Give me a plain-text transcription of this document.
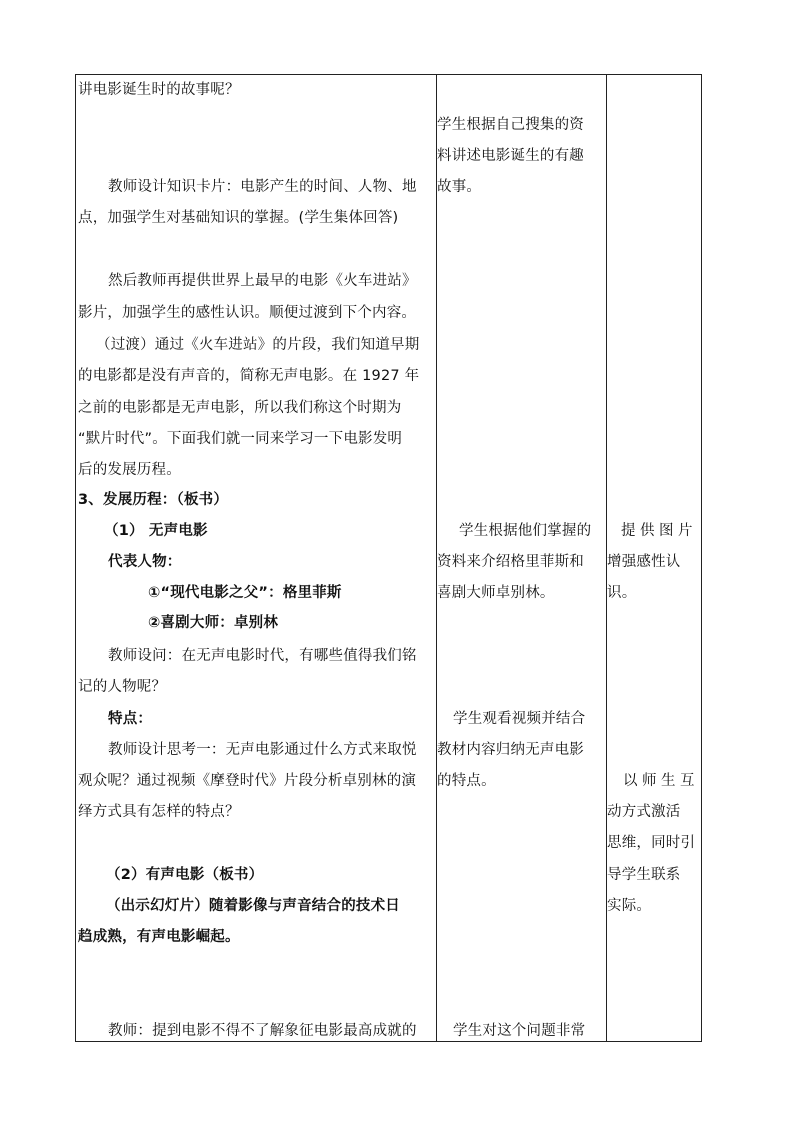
讲电影诞生时的故事呢？
教师设计知识卡片：电影产生的时间、人物、地
点，加强学生对基础知识的掌握。(学生集体回答)
然后教师再提供世界上最早的电影《火车进站》
影片，加强学生的感性认识。顺便过渡到下个内容。
（过渡）通过《火车进站》的片段，我们知道早期
的电影都是没有声音的，简称无声电影。在 1927 年
之前的电影都是无声电影，所以我们称这个时期为
“默片时代”。下面我们就一同来学习一下电影发明
后的发展历程。
3、发展历程：（板书）
（1） 无声电影
代表人物：
①“现代电影之父”：格里菲斯
②喜剧大师：卓别林
教师设问：在无声电影时代，有哪些值得我们铭
记的人物呢？
特点：
教师设计思考一：无声电影通过什么方式来取悦
观众呢？通过视频《摩登时代》片段分析卓别林的演
绎方式具有怎样的特点？
（2）有声电影（板书）
（出示幻灯片）随着影像与声音结合的技术日
趋成熟，有声电影崛起。
教师：提到电影不得不了解象征电影最高成就的
学生根据自己搜集的资
料讲述电影诞生的有趣
故事。
学生根据他们掌握的
资料来介绍格里菲斯和
喜剧大师卓别林。
学生观看视频并结合
教材内容归纳无声电影
的特点。
学生对这个问题非常
提供图片
增强感性认
识。
以师生互
动方式激活
思维，同时引
导学生联系
实际。
